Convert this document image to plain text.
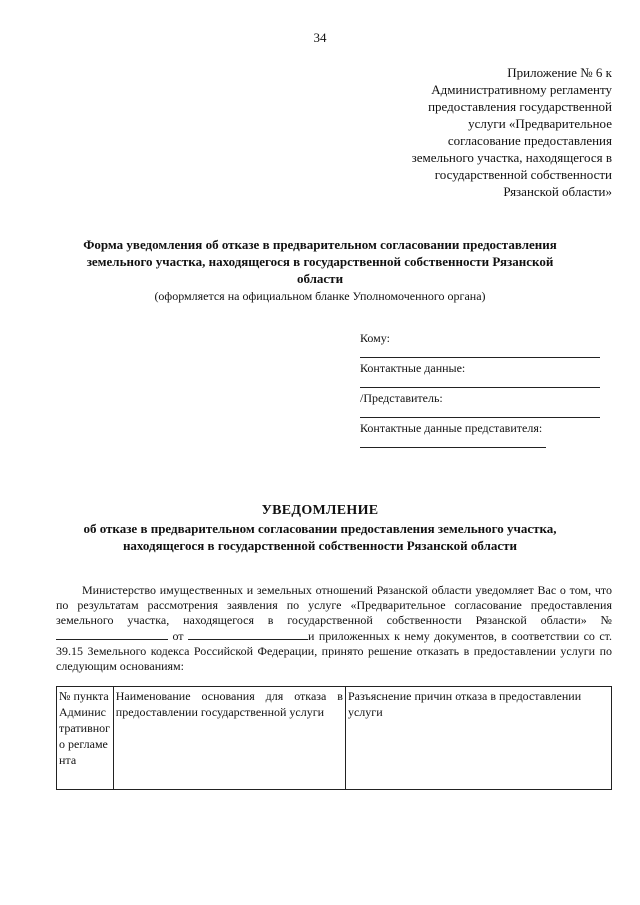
34
Приложение № 6 к
Административному регламенту
предоставления государственной
услуги «Предварительное
согласование предоставления
земельного участка, находящегося в
государственной собственности
Рязанской области»
Форма уведомления об отказе в предварительном согласовании предоставления
земельного участка, находящегося в государственной собственности Рязанской
области
(оформляется на официальном бланке Уполномоченного органа)
Кому:
Контактные данные:
/Представитель:
Контактные данные представителя:
УВЕДОМЛЕНИЕ
об отказе в предварительном согласовании предоставления земельного участка,
находящегося в государственной собственности Рязанской области

Министерство имущественных и земельных отношений Рязанской области уведомляет Вас о том, что по результатам рассмотрения заявления по услуге «Предварительное согласование предоставления земельного участка, находящегося в государственной собственности Рязанской области» №  от	и приложенных к нему документов, в соответствии со ст. 39.15 Земельного кодекса Российской Федерации, принято решение отказать в предоставлении услуги по следующим основаниям:

№ пункта Административного регламента	Наименование основания для отказа в предоставлении государственной услуги	Разъяснение причин отказа в предоставлении услуги
